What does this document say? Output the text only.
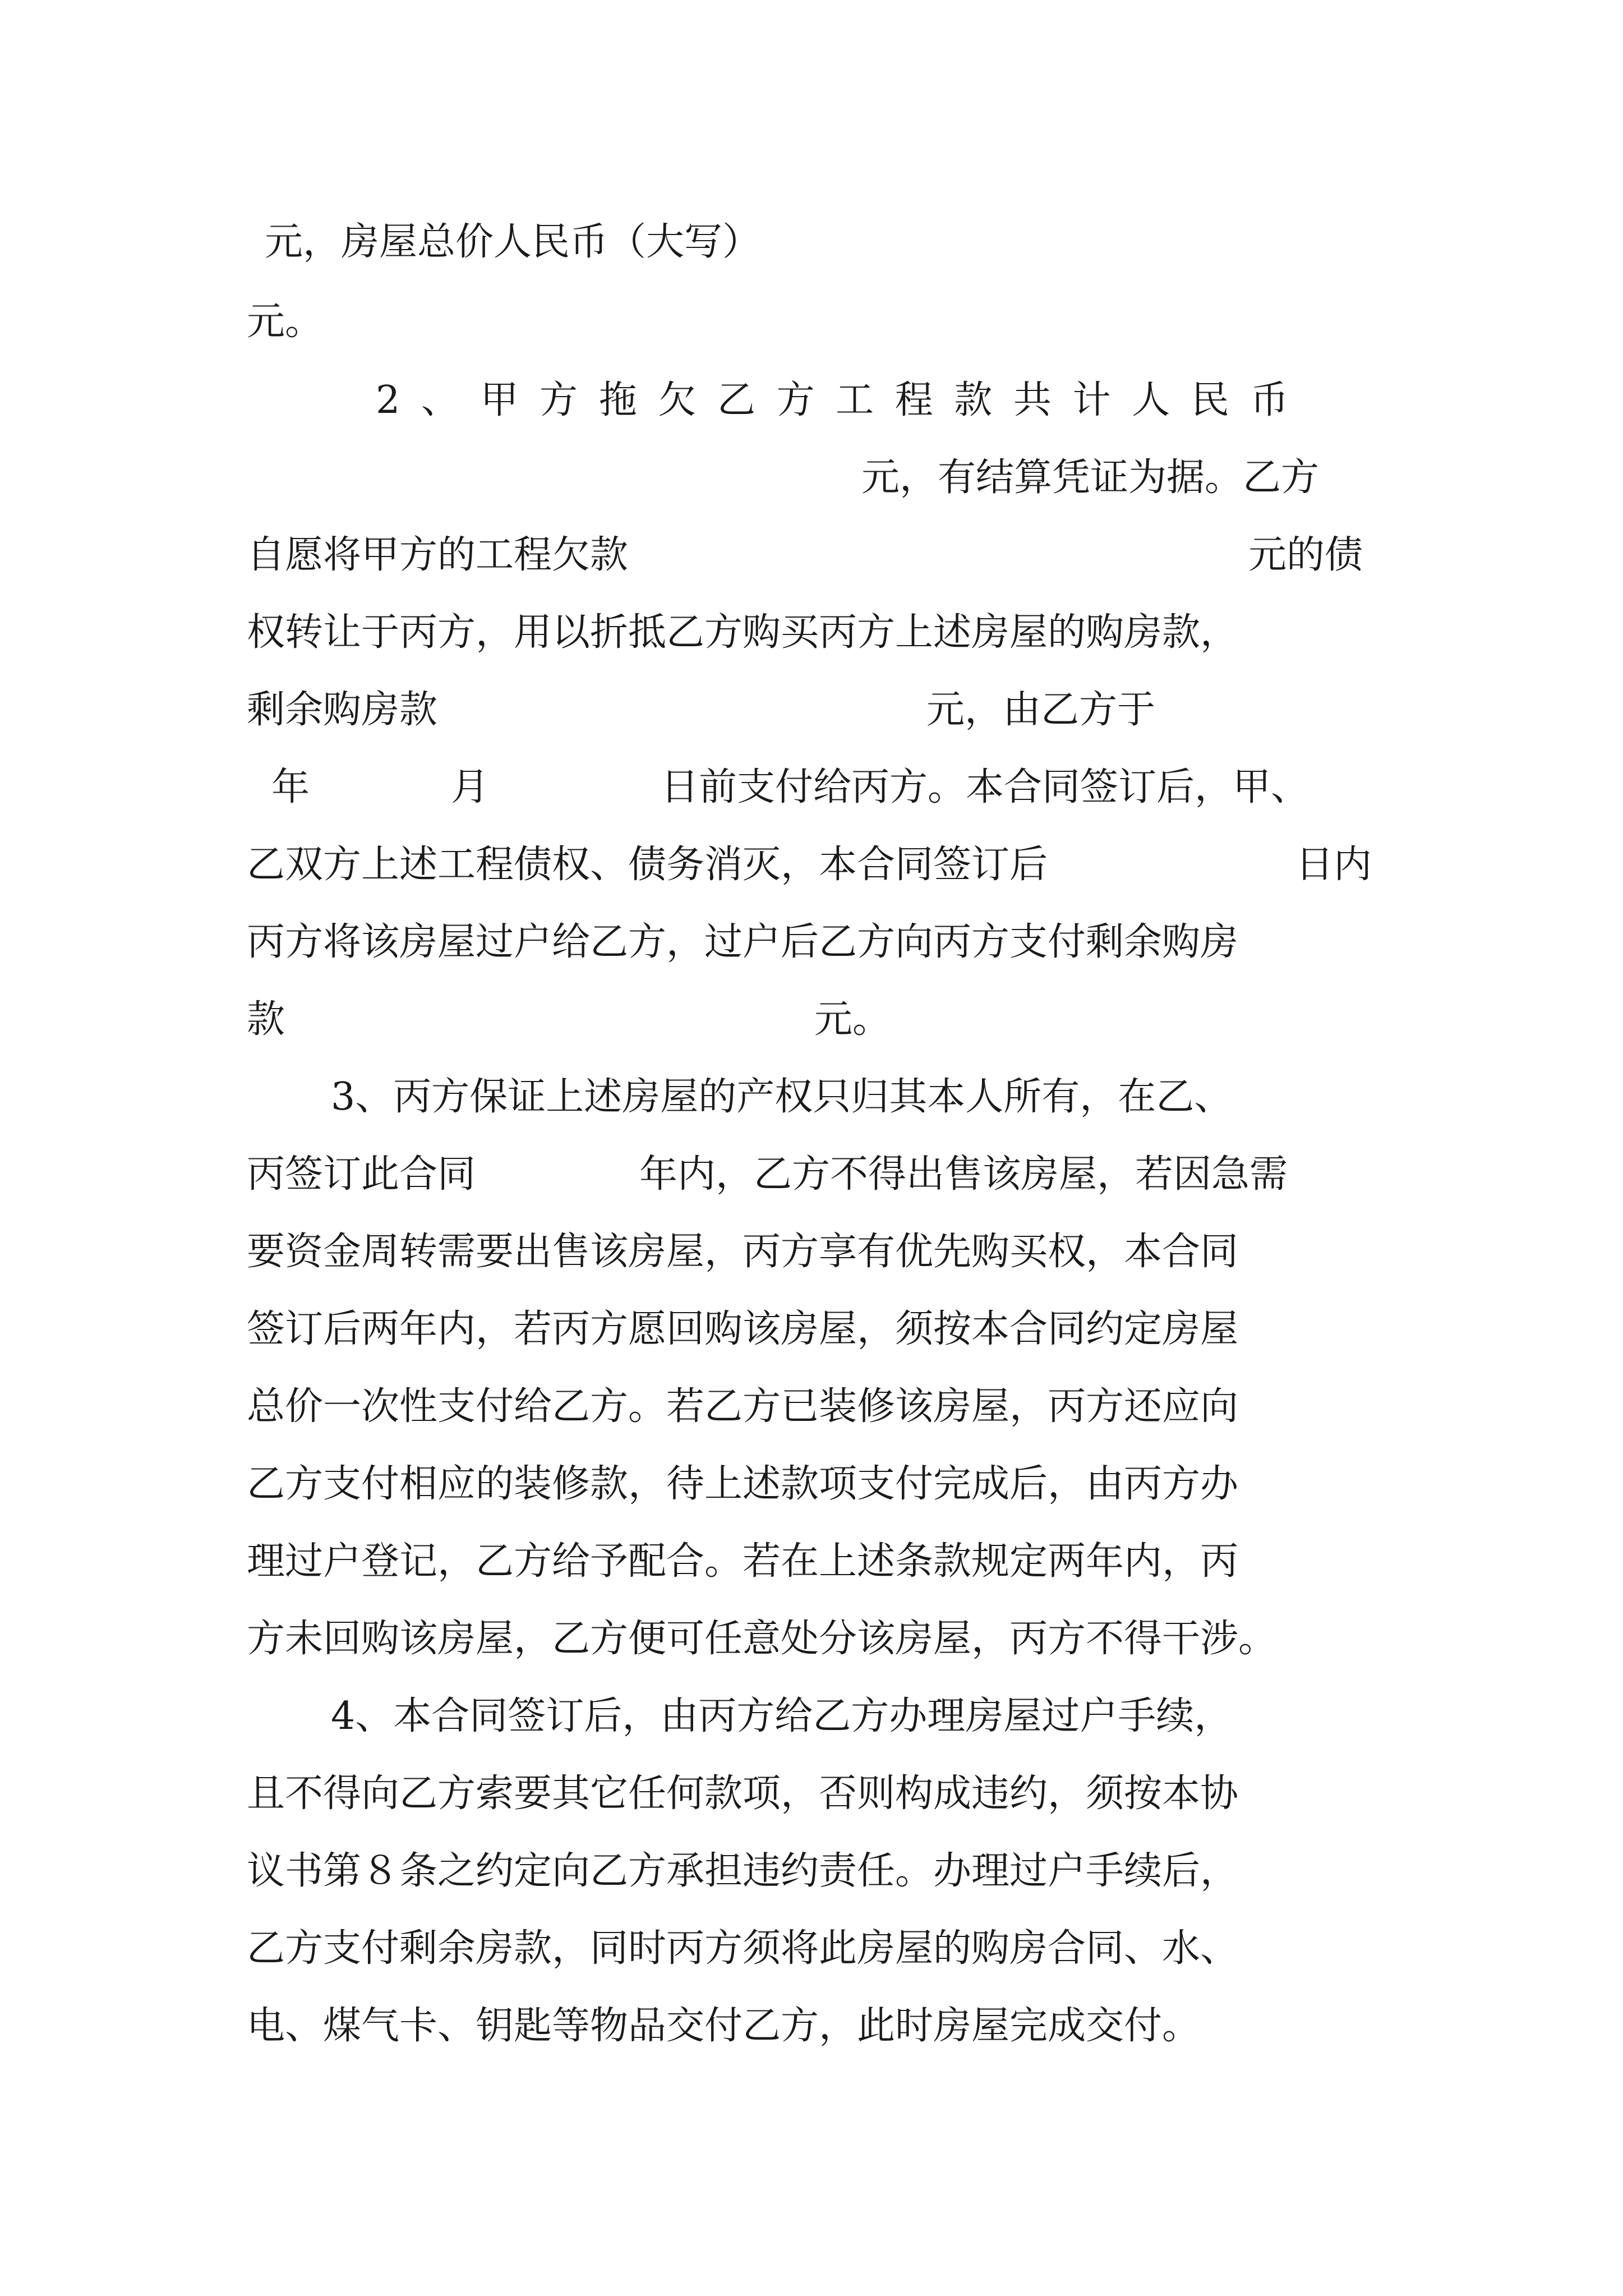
元，房屋总价人民币（大写）
元。
2 、 甲 方 拖 欠 乙 方 工 程 款 共 计 人 民 币
元，有结算凭证为据。乙方
自愿将甲方的工程欠款	元的债
权转让于丙方，用以折抵乙方购买丙方上述房屋的购房款，
剩余购房款	元，由乙方于
年	月	日前支付给丙方。本合同签订后，甲、
乙双方上述工程债权、债务消灭，本合同签订后	日内
丙方将该房屋过户给乙方，过户后乙方向丙方支付剩余购房
款	元。
3、丙方保证上述房屋的产权只归其本人所有，在乙、
丙签订此合同	年内，乙方不得出售该房屋，若因急需
要资金周转需要出售该房屋，丙方享有优先购买权，本合同
签订后两年内，若丙方愿回购该房屋，须按本合同约定房屋
总价一次性支付给乙方。若乙方已装修该房屋，丙方还应向
乙方支付相应的装修款，待上述款项支付完成后，由丙方办
理过户登记，乙方给予配合。若在上述条款规定两年内，丙
方未回购该房屋，乙方便可任意处分该房屋，丙方不得干涉。
4、本合同签订后，由丙方给乙方办理房屋过户手续，
且不得向乙方索要其它任何款项，否则构成违约，须按本协
议书第８条之约定向乙方承担违约责任。办理过户手续后，
乙方支付剩余房款，同时丙方须将此房屋的购房合同、水、
电、煤气卡、钥匙等物品交付乙方，此时房屋完成交付。
